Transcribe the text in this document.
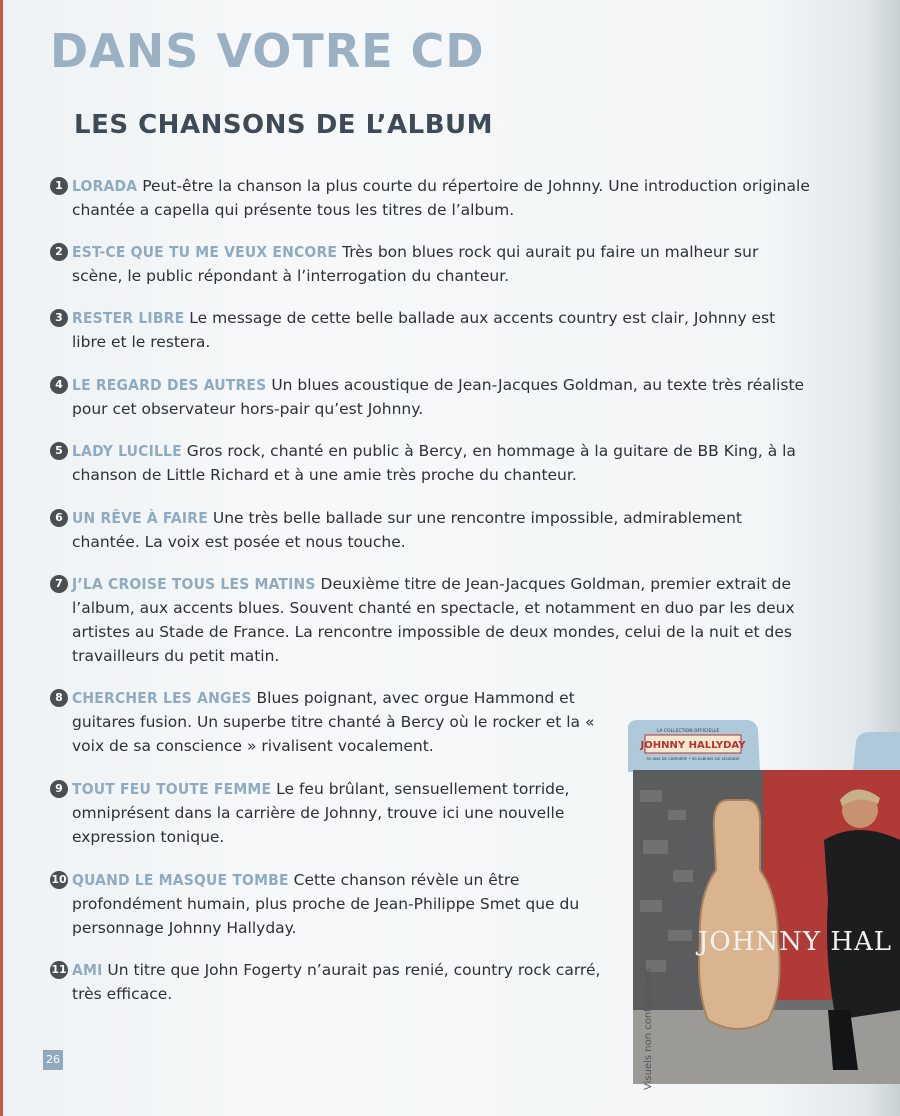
DANS VOTRE CD
LES CHANSONS DE L’ALBUM
1 LORADA Peut-être la chanson la plus courte du répertoire de Johnny. Une introduction originale chantée a capella qui présente tous les titres de l’album.
2 EST-CE QUE TU ME VEUX ENCORE Très bon blues rock qui aurait pu faire un malheur sur scène, le public répondant à l’interrogation du chanteur.
3 RESTER LIBRE Le message de cette belle ballade aux accents country est clair, Johnny est libre et le restera.
4 LE REGARD DES AUTRES Un blues acoustique de Jean-Jacques Goldman, au texte très réaliste pour cet observateur hors-pair qu’est Johnny.
5 LADY LUCILLE Gros rock, chanté en public à Bercy, en hommage à la guitare de BB King, à la chanson de Little Richard et à une amie très proche du chanteur.
6 UN RÊVE À FAIRE Une très belle ballade sur une rencontre impossible, admirablement chantée. La voix est posée et nous touche.
7 J’LA CROISE TOUS LES MATINS Deuxième titre de Jean-Jacques Goldman, premier extrait de l’album, aux accents blues. Souvent chanté en spectacle, et notamment en duo par les deux artistes au Stade de France. La rencontre impossible de deux mondes, celui de la nuit et des travailleurs du petit matin.
8 CHERCHER LES ANGES Blues poignant, avec orgue Hammond et guitares fusion. Un superbe titre chanté à Bercy où le rocker et la « voix de sa conscience » rivalisent vocalement.
9 TOUT FEU TOUTE FEMME Le feu brûlant, sensuellement torride, omniprésent dans la carrière de Johnny, trouve ici une nouvelle expression tonique.
10 QUAND LE MASQUE TOMBE Cette chanson révèle un être profondément humain, plus proche de Jean-Philippe Smet que du personnage Johnny Hallyday.
11 AMI Un titre que John Fogerty n’aurait pas renié, country rock carré, très efficace.
LA COLLECTION OFFICIELLE
JOHNNY HALLYDAY
50 ANS DE CARRIÈRE • 50 ALBUMS DE LÉGENDE
JOHNNY HAL
Visuels non contractuels
26
